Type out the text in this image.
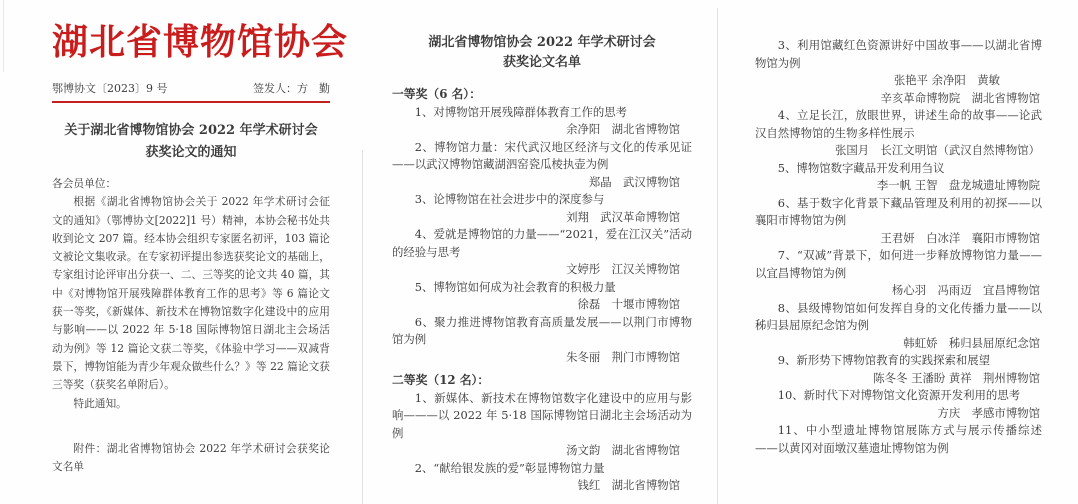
湖北省博物馆协会
鄂博协文〔2023〕9 号	签发人：方　勤
关于湖北省博物馆协会 2022 年学术研讨会
获奖论文的通知

各会员单位：

根据《湖北省博物馆协会关于 2022 年学术研讨会征文的通知》（鄂博协文[2022]1 号）精神，本协会秘书处共收到论文 207 篇。经本协会组织专家匿名初评，103 篇论文被论文集收录。在专家初评提出参选获奖论文的基础上，专家组讨论评审出分获一、二、三等奖的论文共 40 篇，其中《对博物馆开展残障群体教育工作的思考》等 6 篇论文获一等奖，《新媒体、新技术在博物馆数字化建设中的应用与影响——以 2022 年 5·18 国际博物馆日湖北主会场活动为例》等 12 篇论文获二等奖，《体验中学习——双减背景下，博物馆能为青少年观众做些什么？》等 22 篇论文获三等奖（获奖名单附后）。

特此通知。

附件：湖北省博物馆协会 2022 年学术研讨会获奖论文名单

湖北省博物馆协会 2022 年学术研讨会
获奖论文名单
一等奖（6 名）：

1、对博物馆开展残障群体教育工作的思考

余净阳　湖北省博物馆

2、博物馆力量：宋代武汉地区经济与文化的传承见证——以武汉博物馆藏湖泗窑瓷瓜棱执壶为例

郑晶　武汉博物馆

3、论博物馆在社会进步中的深度参与

刘翔　武汉革命博物馆

4、爱就是博物馆的力量——“2021，爱在江汉关”活动的经验与思考

文婷彤　江汉关博物馆

5、博物馆如何成为社会教育的积极力量

徐磊　十堰市博物馆

6、聚力推进博物馆教育高质量发展——以荆门市博物馆为例

朱冬丽　荆门市博物馆

二等奖（12 名）：

1、新媒体、新技术在博物馆数字化建设中的应用与影响———以 2022 年 5·18 国际博物馆日湖北主会场活动为例

汤文韵　湖北省博物馆

2、“献给银发族的爱”彰显博物馆力量

钱红　湖北省博物馆

3、利用馆藏红色资源讲好中国故事——以湖北省博物馆为例

张艳平 余净阳　黄敏

辛亥革命博物院　湖北省博物馆

4、立足长江，放眼世界，讲述生命的故事——论武汉自然博物馆的生物多样性展示

张国月　长江文明馆（武汉自然博物馆）

5、博物馆数字藏品开发利用刍议

李一帆 王智　盘龙城遗址博物院

6、基于数字化背景下藏品管理及利用的初探——以襄阳市博物馆为例

王君妍　白冰洋　襄阳市博物馆

7、“双减”背景下，如何进一步释放博物馆力量——以宜昌博物馆为例

杨心羽　冯雨迈　宜昌博物馆

8、县级博物馆如何发挥自身的文化传播力量——以秭归县屈原纪念馆为例

韩虹娇　秭归县屈原纪念馆

9、新形势下博物馆教育的实践探索和展望

陈冬冬 王潘盼 黄祥　荆州博物馆

10、新时代下对博物馆文化资源开发利用的思考

方庆　孝感市博物馆

11、中小型遗址博物馆展陈方式与展示传播综述——以黄冈对面墩汉墓遗址博物馆为例
